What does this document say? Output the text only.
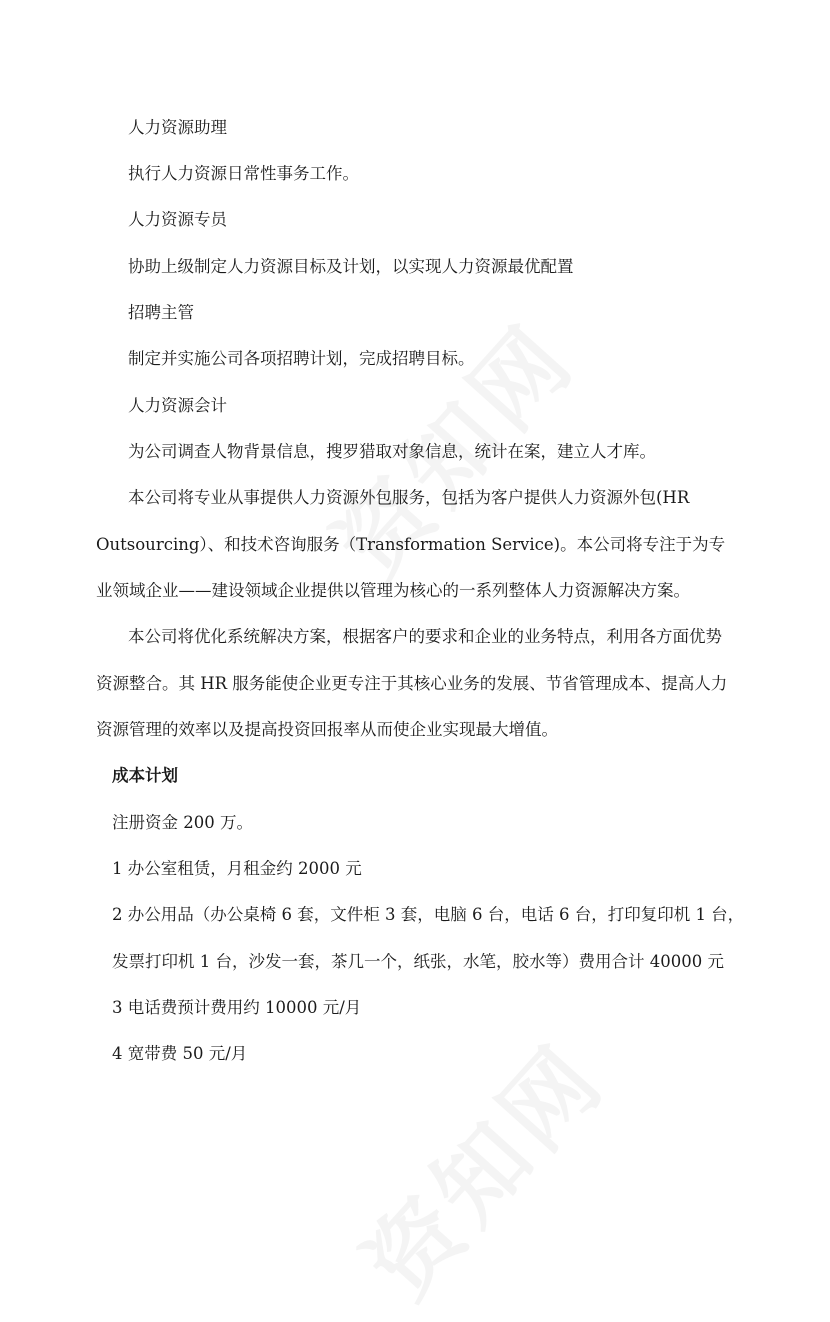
人力资源助理
执行人力资源日常性事务工作。
人力资源专员
协助上级制定人力资源目标及计划，以实现人力资源最优配置
招聘主管
制定并实施公司各项招聘计划，完成招聘目标。
人力资源会计
为公司调查人物背景信息，搜罗猎取对象信息，统计在案，建立人才库。
本公司将专业从事提供人力资源外包服务，包括为客户提供人力资源外包(HR
Outsourcing）、和技术咨询服务（Transformation Service)。本公司将专注于为专
业领域企业——建设领域企业提供以管理为核心的一系列整体人力资源解决方案。
本公司将优化系统解决方案，根据客户的要求和企业的业务特点，利用各方面优势
资源整合。其 HR 服务能使企业更专注于其核心业务的发展、节省管理成本、提高人力
资源管理的效率以及提高投资回报率从而使企业实现最大增值。
成本计划
注册资金 200 万。
1 办公室租赁，月租金约 2000 元
2 办公用品（办公桌椅 6 套，文件柜 3 套，电脑 6 台，电话 6 台，打印复印机 1 台，
发票打印机 1 台，沙发一套，茶几一个，纸张，水笔，胶水等）费用合计 40000 元
3 电话费预计费用约 10000 元/月
4 宽带费 50 元/月
